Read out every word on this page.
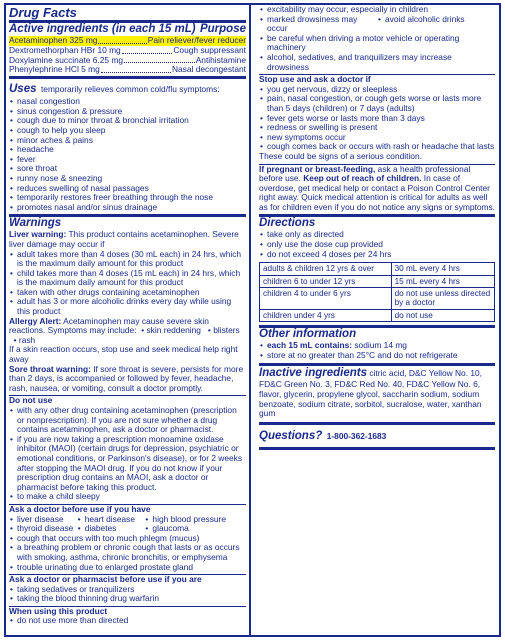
Drug Facts
Active ingredients (in each 15 mL) Purpose
Acetaminophen 325 mg	Pain reliever/fever reducer
Dextromethorphan HBr 10 mg	Cough suppressant
Doxylamine succinate 6.25 mg	Antihistamine
Phenylephrine HCl 5 mg	Nasal decongestant
Uses temporarily relieves common cold/flu symptoms:
• nasal congestion
• sinus congestion & pressure
• cough due to minor throat & bronchial irritation
• cough to help you sleep
• minor aches & pains
• headache
• fever
• sore throat
• runny nose & sneezing
• reduces swelling of nasal passages
• temporarily restores freer breathing through the nose
• promotes nasal and/or sinus drainage
Warnings
Liver warning: This product contains acetaminophen. Severe liver damage may occur if
• adult takes more than 4 doses (30 mL each) in 24 hrs, which is the maximum daily amount for this product
• child takes more than 4 doses (15 mL each) in 24 hrs, which is the maximum daily amount for this product
• taken with other drugs containing acetaminophen
• adult has 3 or more alcoholic drinks every day while using this product
Allergy Alert: Acetaminophen may cause severe skin reactions. Symptoms may include:  • skin reddening   • blisters   • rash
If a skin reaction occurs, stop use and seek medical help right away
Sore throat warning: If sore throat is severe, persists for more than 2 days, is accompanied or followed by fever, headache, rash, nausea, or vomiting, consult a doctor promptly.
Do not use
• with any other drug containing acetaminophen (prescription or nonprescription). If you are not sure whether a drug contains acetaminophen, ask a doctor or pharmacist.
• if you are now taking a prescription monoamine oxidase inhibitor (MAOI) (certain drugs for depression, psychiatric or emotional conditions, or Parkinson's disease), or for 2 weeks after stopping the MAOI drug. If you do not know if your prescription drug contains an MAOI, ask a doctor or pharmacist before taking this product.
• to make a child sleepy
Ask a doctor before use if you have
• liver disease	• heart disease	• high blood pressure
• thyroid disease	• diabetes	• glaucoma
• cough that occurs with too much phlegm (mucus)
• a breathing problem or chronic cough that lasts or as occurs with smoking, asthma, chronic bronchitis, or emphysema
• trouble urinating due to enlarged prostate gland
Ask a doctor or pharmacist before use if you are
• taking sedatives or tranquilizers
• taking the blood thinning drug warfarin
When using this product
• do not use more than directed
• excitability may occur, especially in children
• marked drowsiness may occur
• avoid alcoholic drinks
• be careful when driving a motor vehicle or operating machinery
• alcohol, sedatives, and tranquilizers may increase drowsiness
Stop use and ask a doctor if
• you get nervous, dizzy or sleepless
• pain, nasal congestion, or cough gets worse or lasts more than 5 days (children) or 7 days (adults)
• fever gets worse or lasts more than 3 days
• redness or swelling is present
• new symptoms occur
• cough comes back or occurs with rash or headache that lasts
These could be signs of a serious condition.
If pregnant or breast-feeding, ask a health professional before use. Keep out of reach of children. In case of overdose, get medical help or contact a Poison Control Center right away. Quick medical attention is critical for adults as well as for children even if you do not notice any signs or symptoms.
Directions
• take only as directed
• only use the dose cup provided
• do not exceed 4 doses per 24 hrs
adults & children 12 yrs & over	30 mL every 4 hrs
children 6 to under 12 yrs	15 mL every 4 hrs
children 4 to under 6 yrs	do not use unless directed by a doctor
children under 4 yrs	do not use
Other information
• each 15 mL contains: sodium 14 mg
• store at no greater than 25°C and do not refrigerate
Inactive ingredients citric acid, D&C Yellow No. 10, FD&C Green No. 3, FD&C Red No. 40, FD&C Yellow No. 6, flavor, glycerin, propylene glycol, saccharin sodium, sodium benzoate, sodium citrate, sorbitol, sucralose, water, xanthan gum
Questions? 1-800-362-1683
